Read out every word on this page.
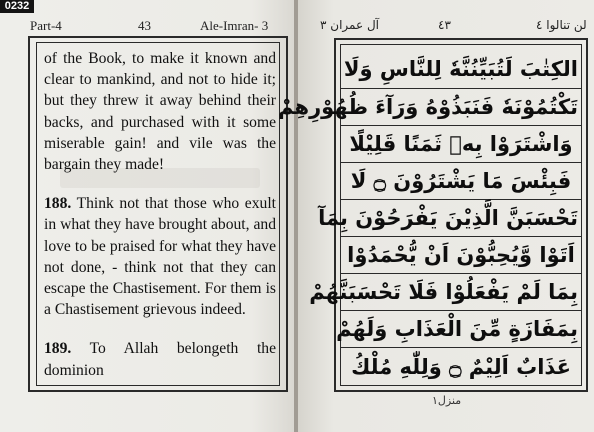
0232
Part-4	43	Ale-Imran- 3

of the Book, to make it known and clear to mankind, and not to hide it; but they threw it away behind their backs, and purchased with it some miserable gain! and vile was the bargain they made!

188. Think not that those who exult in what they have brought about, and love to be praised for what they have not done, - think not that they can escape the Chastisement. For them is a Chastisement grievous indeed.

189. To Allah belongeth the dominion

لن تنالوا ٤
٤٣
آل عمران ٣
الكِتٰبَ لَتُبَيِّنُنَّهٗ لِلنَّاسِ وَلَا
تَكْتُمُوْنَهٗ فَنَبَذُوْهُ وَرَآءَ ظُهُوْرِهِمْ
وَاشْتَرَوْا بِهٖ ثَمَنًا قَلِيْلًا
فَبِئْسَ مَا يَشْتَرُوْنَ ۝ لَا
تَحْسَبَنَّ الَّذِيْنَ يَفْرَحُوْنَ بِمَآ
اَتَوْا وَّيُحِبُّوْنَ اَنْ يُّحْمَدُوْا
بِمَا لَمْ يَفْعَلُوْا فَلَا تَحْسَبَنَّهُمْ
بِمَفَازَةٍ مِّنَ الْعَذَابِ وَلَهُمْ
عَذَابٌ اَلِيْمٌ ۝ وَلِلّٰهِ مُلْكُ
منزل١
